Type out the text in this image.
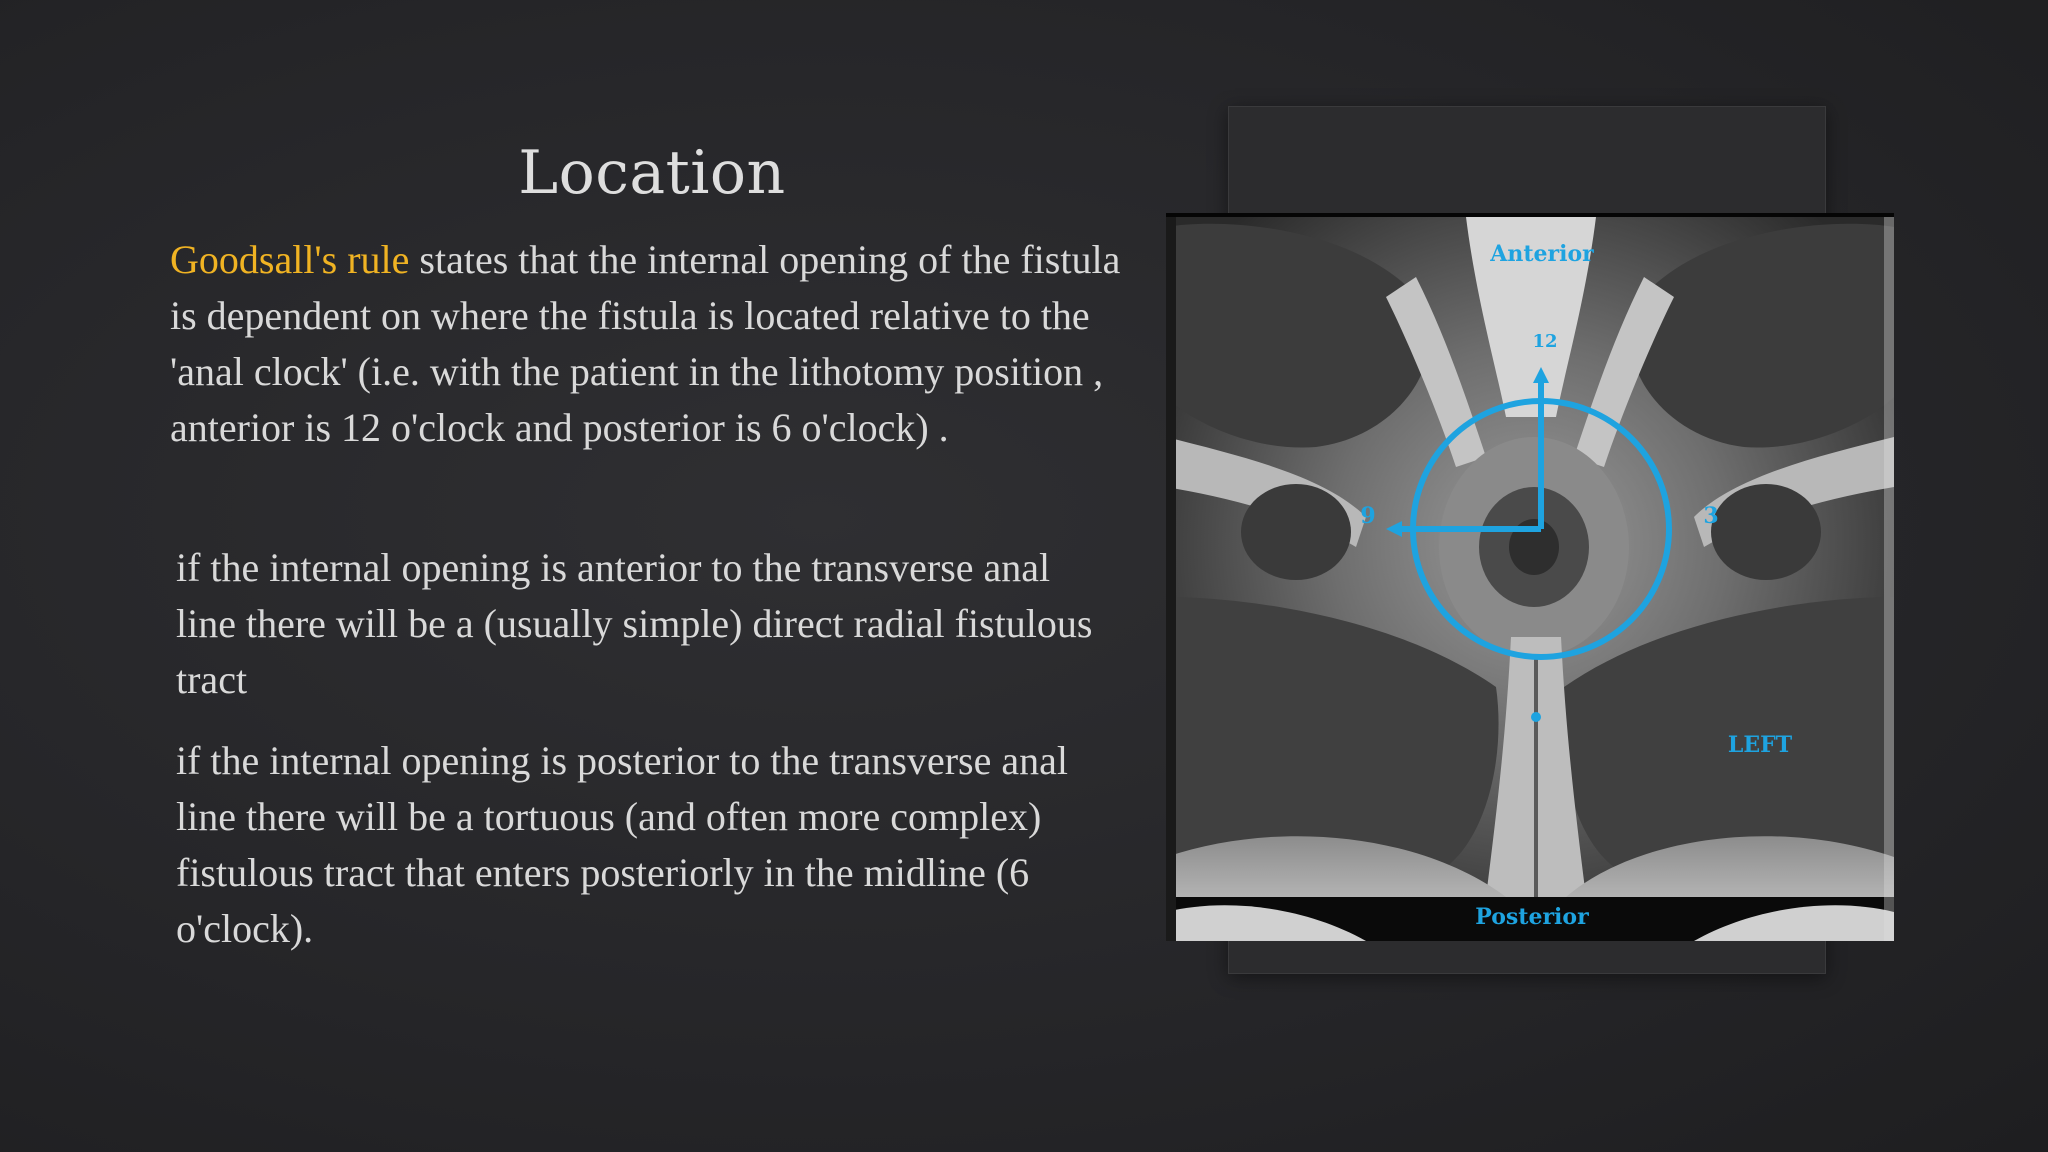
Location
Goodsall's rule states that the internal opening of the fistula is dependent on where the fistula is located relative to the 'anal clock' (i.e. with the patient in the lithotomy position , anterior is 12 o'clock and posterior is 6 o'clock) .
if the internal opening is anterior to the transverse anal line there will be a (usually simple) direct radial fistulous tract
if the internal opening is posterior to the transverse anal line there will be a tortuous (and often more complex) fistulous tract that enters posteriorly in the midline (6 o'clock).
Anterior
12
9	3
LEFT
Posterior
